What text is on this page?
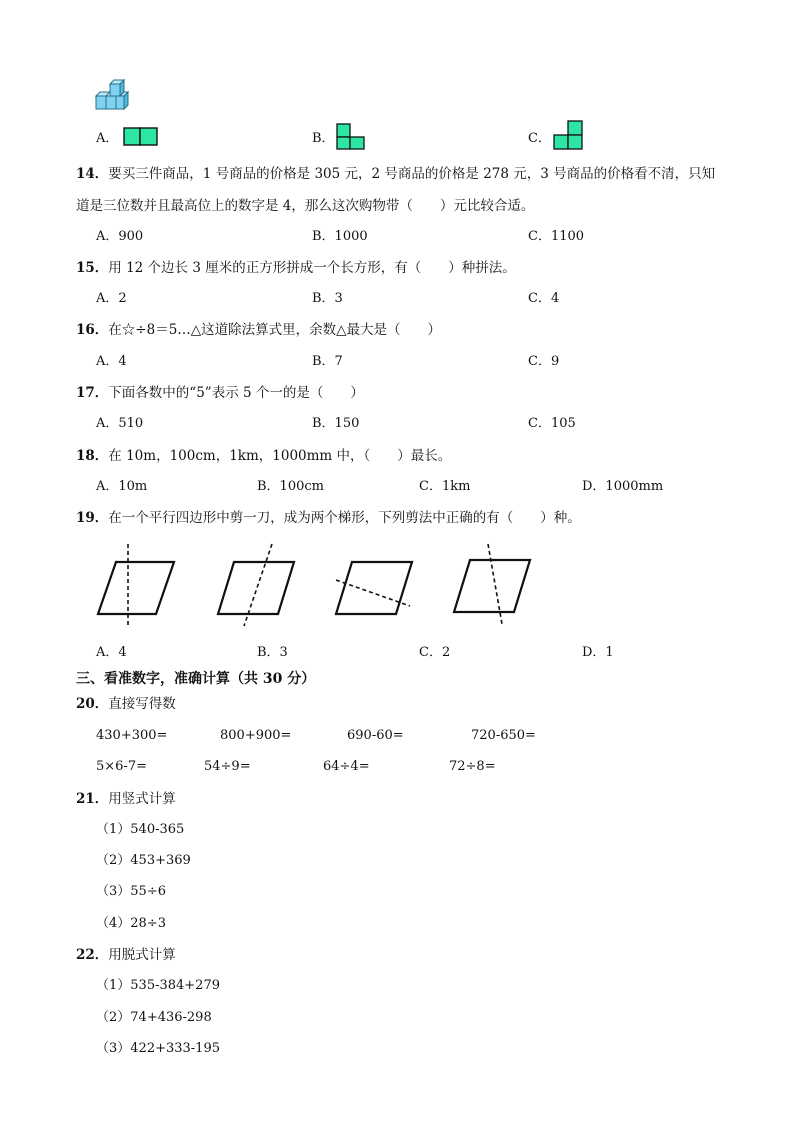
A．	B．	C．
14．要买三件商品，1 号商品的价格是 305 元，2 号商品的价格是 278 元，3 号商品的价格看不清，只知
道是三位数并且最高位上的数字是 4，那么这次购物带（　　）元比较合适。
A．900	B．1000	C．1100
15．用 12 个边长 3 厘米的正方形拼成一个长方形，有（　　）种拼法。
A．2	B．3	C．4
16．在☆÷8＝5…△这道除法算式里，余数△最大是（　　）
A．4	B．7	C．9
17．下面各数中的“5”表示 5 个一的是（　　）
A．510	B．150	C．105
18．在 10m，100cm，1km，1000mm 中，（　　）最长。
A．10m	B．100cm	C．1km	D．1000mm
19．在一个平行四边形中剪一刀，成为两个梯形，下列剪法中正确的有（　　）种。
A．4	B．3	C．2	D．1
三、看准数字，准确计算（共 30 分）
20．直接写得数
430+300=	800+900=	690-60=	720-650=
5×6-7=	54÷9=	64÷4=	72÷8=
21．用竖式计算
（1）540-365
（2）453+369
（3）55÷6
（4）28÷3
22．用脱式计算
（1）535-384+279
（2）74+436-298
（3）422+333-195
